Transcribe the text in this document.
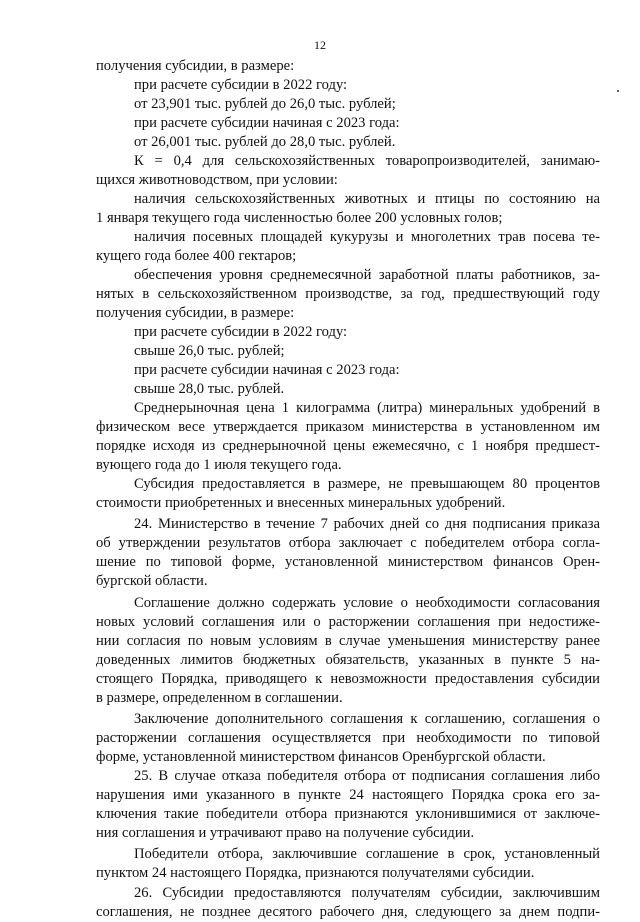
12
получения субсидии, в размере:
при расчете субсидии в 2022 году:
от 23,901 тыс. рублей до 26,0 тыс. рублей;
при расчете субсидии начиная с 2023 года:
от 26,001 тыс. рублей до 28,0 тыс. рублей.
К = 0,4 для сельскохозяйственных товаропроизводителей, занимаю-
щихся животноводством, при условии:
наличия сельскохозяйственных животных и птицы по состоянию на
1 января текущего года численностью более 200 условных голов;
наличия посевных площадей кукурузы и многолетних трав посева те-
кущего года более 400 гектаров;
обеспечения уровня среднемесячной заработной платы работников, за-
нятых в сельскохозяйственном производстве, за год, предшествующий году
получения субсидии, в размере:
при расчете субсидии в 2022 году:
свыше 26,0 тыс. рублей;
при расчете субсидии начиная с 2023 года:
свыше 28,0 тыс. рублей.
Среднерыночная цена 1 килограмма (литра) минеральных удобрений в
физическом весе утверждается приказом министерства в установленном им
порядке исходя из среднерыночной цены ежемесячно, с 1 ноября предшест-
вующего года до 1 июля текущего года.
Субсидия предоставляется в размере, не превышающем 80 процентов
стоимости приобретенных и внесенных минеральных удобрений.
24. Министерство в течение 7 рабочих дней со дня подписания приказа
об утверждении результатов отбора заключает с победителем отбора согла-
шение по типовой форме, установленной министерством финансов Орен-
бургской области.
Соглашение должно содержать условие о необходимости согласования
новых условий соглашения или о расторжении соглашения при недостиже-
нии согласия по новым условиям в случае уменьшения министерству ранее
доведенных лимитов бюджетных обязательств, указанных в пункте 5 на-
стоящего Порядка, приводящего к невозможности предоставления субсидии
в размере, определенном в соглашении.
Заключение дополнительного соглашения к соглашению, соглашения о
расторжении соглашения осуществляется при необходимости по типовой
форме, установленной министерством финансов Оренбургской области.
25. В случае отказа победителя отбора от подписания соглашения либо
нарушения ими указанного в пункте 24 настоящего Порядка срока его за-
ключения такие победители отбора признаются уклонившимися от заключе-
ния соглашения и утрачивают право на получение субсидии.
Победители отбора, заключившие соглашение в срок, установленный
пунктом 24 настоящего Порядка, признаются получателями субсидии.
26. Субсидии предоставляются получателям субсидии, заключившим
соглашения, не позднее десятого рабочего дня, следующего за днем подпи-
